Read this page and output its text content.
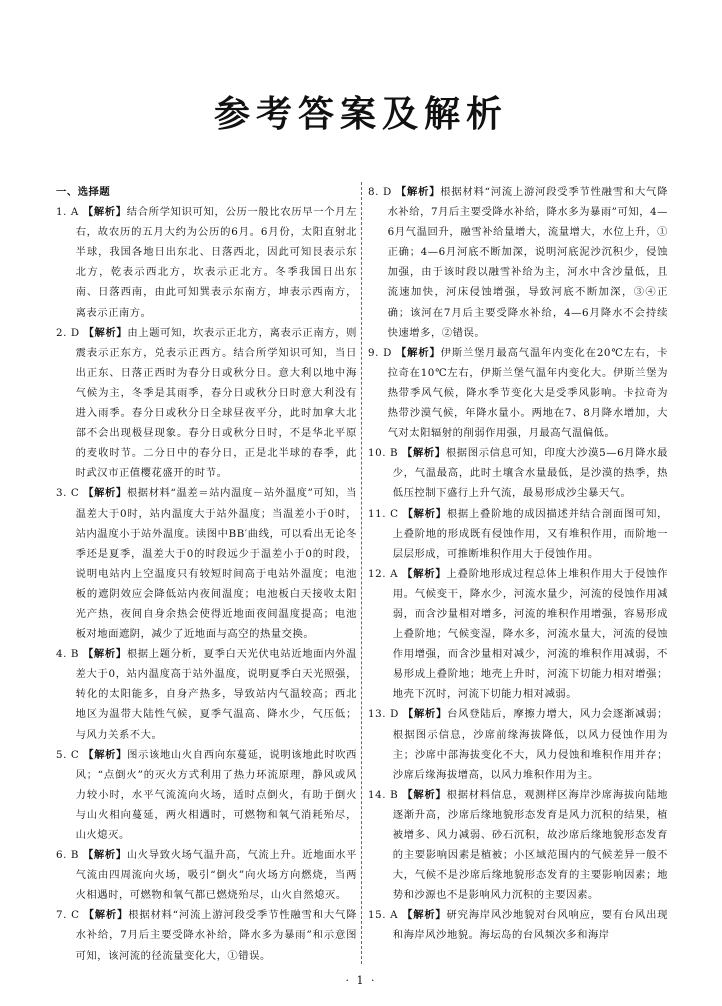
参考答案及解析

一、选择题

1. A 【解析】结合所学知识可知，公历一般比农历早一个月左右，故农历的五月大约为公历的6月。6月份，太阳直射北半球，我国各地日出东北、日落西北，因此可知艮表示东北方，乾表示西北方，坎表示正北方。冬季我国日出东南、日落西南，由此可知巽表示东南方，坤表示西南方，离表示正南方。

2. D 【解析】由上题可知，坎表示正北方，离表示正南方，则震表示正东方，兑表示正西方。结合所学知识可知，当日出正东、日落正西时为春分日或秋分日。意大利以地中海气候为主，冬季是其雨季，春分日或秋分日时意大利没有进入雨季。春分日或秋分日全球昼夜平分，此时加拿大北部不会出现极昼现象。春分日或秋分日时，不是华北平原的麦收时节。二分日中的春分日，正是北半球的春季，此时武汉市正值樱花盛开的时节。

3. C 【解析】根据材料“温差＝站内温度－站外温度”可知，当温差大于0时，站内温度大于站外温度；当温差小于0时，站内温度小于站外温度。读图中BB′曲线，可以看出无论冬季还是夏季，温差大于0的时段远少于温差小于0的时段，说明电站内上空温度只有较短时间高于电站外温度；电池板的遮阴效应会降低站内夜间温度；电池板白天接收太阳光产热，夜间自身余热会使得近地面夜间温度提高；电池板对地面遮阴，减少了近地面与高空的热量交换。

4. B 【解析】根据上题分析，夏季白天光伏电站近地面内外温差大于0，站内温度高于站外温度，说明夏季白天光照强，转化的太阳能多，自身产热多，导致站内气温较高；西北地区为温带大陆性气候，夏季气温高、降水少，气压低；与风力关系不大。

5. C 【解析】图示该地山火自西向东蔓延，说明该地此时吹西风；“点倒火”的灭火方式利用了热力环流原理，静风或风力较小时，水平气流流向火场，适时点倒火，有助于倒火与山火相向蔓延，两火相遇时，可燃物和氧气消耗殆尽，山火熄灭。

6. B 【解析】山火导致火场气温升高，气流上升。近地面水平气流由四周流向火场，吸引“倒火”向火场方向燃烧，当两火相遇时，可燃物和氧气都已燃烧殆尽，山火自然熄灭。

7. C 【解析】根据材料“河流上游河段受季节性融雪和大气降水补给，7月后主要受降水补给，降水多为暴雨”和示意图可知，该河流的径流量变化大，①错误。

8. D 【解析】根据材料“河流上游河段受季节性融雪和大气降水补给，7月后主要受降水补给，降水多为暴雨”可知，4—6月气温回升，融雪补给量增大，流量增大，水位上升，①正确；4—6月河底不断加深，说明河底泥沙沉积少，侵蚀加强，由于该时段以融雪补给为主，河水中含沙量低，且流速加快，河床侵蚀增强，导致河底不断加深，③④正确；该河在7月后主要受降水补给，4—6月降水不会持续快速增多，②错误。

9. D 【解析】伊斯兰堡月最高气温年内变化在20℃左右，卡拉奇在10℃左右，伊斯兰堡气温年内变化大。伊斯兰堡为热带季风气候，降水季节变化大是受季风影响。卡拉奇为热带沙漠气候，年降水量小。两地在7、8月降水增加，大气对太阳辐射的削弱作用强，月最高气温偏低。

10. B 【解析】根据图示信息可知，印度大沙漠5—6月降水最少，气温最高，此时土壤含水量最低，是沙漠的热季，热低压控制下盛行上升气流，最易形成沙尘暴天气。

11. C 【解析】根据上叠阶地的成因描述并结合剖面图可知，上叠阶地的形成既有侵蚀作用，又有堆积作用，而阶地一层层形成，可推断堆积作用大于侵蚀作用。

12. A 【解析】上叠阶地形成过程总体上堆积作用大于侵蚀作用。气候变干，降水少，河流水量少，河流的侵蚀作用减弱，而含沙量相对增多，河流的堆积作用增强，容易形成上叠阶地；气候变湿，降水多，河流水量大，河流的侵蚀作用增强，而含沙量相对减少，河流的堆积作用减弱，不易形成上叠阶地；地壳上升时，河流下切能力相对增强；地壳下沉时，河流下切能力相对减弱。

13. D 【解析】台风登陆后，摩擦力增大，风力会逐渐减弱；根据图示信息，沙席前缘海拔降低，以风力侵蚀作用为主；沙席中部海拔变化不大，风力侵蚀和堆积作用并存；沙席后缘海拔增高，以风力堆积作用为主。

14. B 【解析】根据材料信息，观测样区海岸沙席海拔向陆地逐渐升高，沙席后缘地貌形态发育是风力沉积的结果，植被增多、风力减弱、砂石沉积，故沙席后缘地貌形态发育的主要影响因素是植被；小区域范围内的气候差异一般不大，气候不是沙席后缘地貌形态发育的主要影响因素；地势和沙源也不是影响风力沉积的主要因素。

15. A 【解析】研究海岸风沙地貌对台风响应，要有台风出现和海岸风沙地貌。海坛岛的台风频次多和海岸

· 1 ·
